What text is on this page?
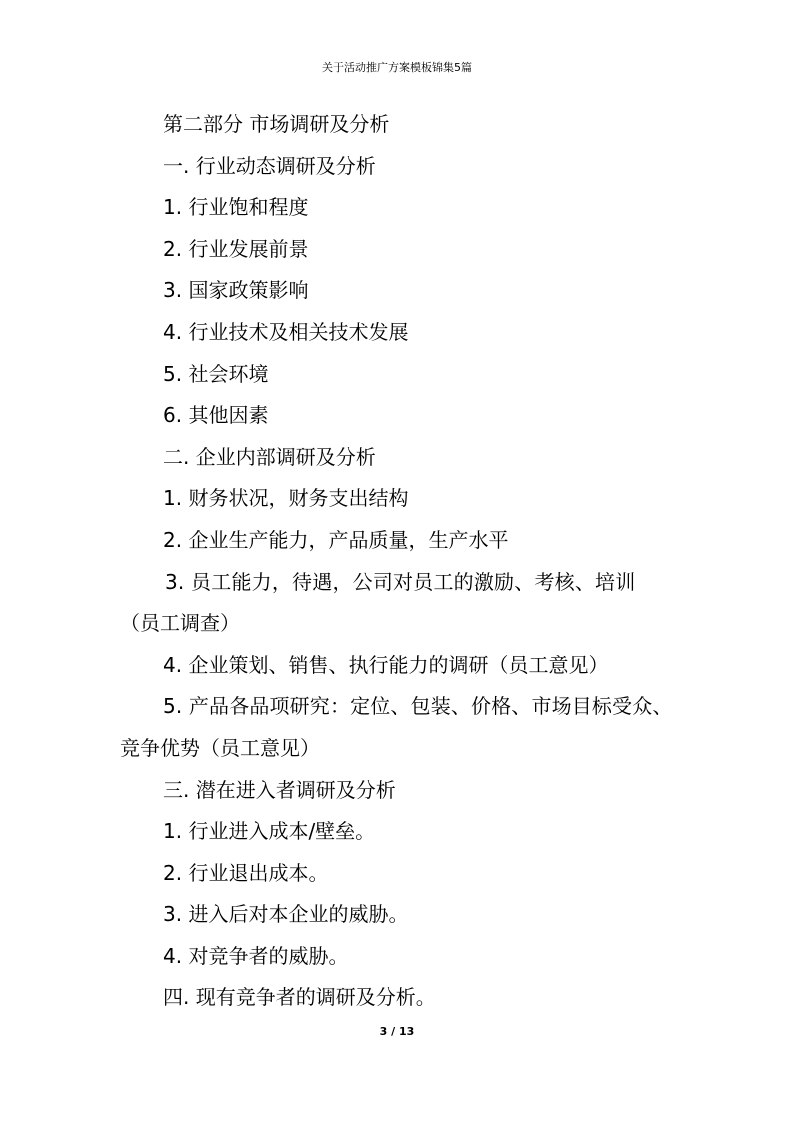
关于活动推广方案模板锦集5篇
第二部分 市场调研及分析
一. 行业动态调研及分析
1. 行业饱和程度
2. 行业发展前景
3. 国家政策影响
4. 行业技术及相关技术发展
5. 社会环境
6. 其他因素
二. 企业内部调研及分析
1. 财务状况，财务支出结构
2. 企业生产能力，产品质量，生产水平
3. 员工能力，待遇，公司对员工的激励、考核、培训
（员工调查）
4. 企业策划、销售、执行能力的调研（员工意见）
5. 产品各品项研究：定位、包装、价格、市场目标受众、
竞争优势（员工意见）
三. 潜在进入者调研及分析
1. 行业进入成本/壁垒。
2. 行业退出成本。
3. 进入后对本企业的威胁。
4. 对竞争者的威胁。
四. 现有竞争者的调研及分析。
3 / 13
